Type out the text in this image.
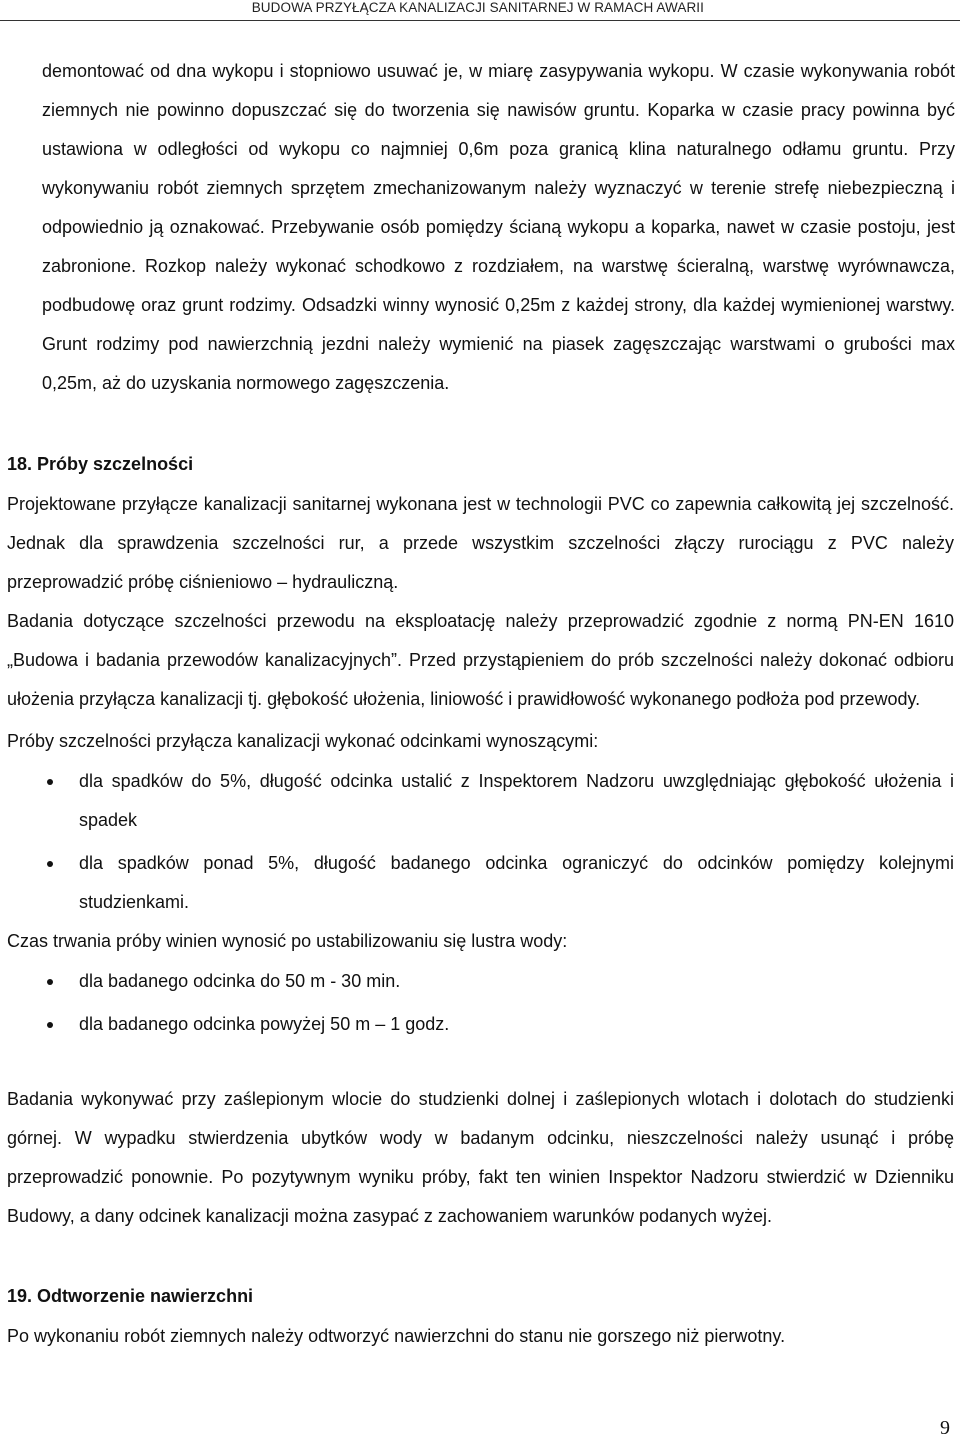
BUDOWA PRZYŁĄCZA KANALIZACJI SANITARNEJ W RAMACH AWARII
demontować od dna wykopu i stopniowo usuwać je, w miarę zasypywania wykopu. W czasie wykonywania robót ziemnych nie powinno dopuszczać się do tworzenia się nawisów gruntu. Koparka w czasie pracy powinna być ustawiona w odległości od wykopu co najmniej 0,6m poza granicą klina naturalnego odłamu gruntu. Przy wykonywaniu robót ziemnych sprzętem zmechanizowanym należy wyznaczyć w terenie strefę niebezpieczną i odpowiednio ją oznakować. Przebywanie osób pomiędzy ścianą wykopu a koparka, nawet w czasie postoju, jest zabronione. Rozkop należy wykonać schodkowo z rozdziałem, na warstwę ścieralną, warstwę wyrównawcza, podbudowę oraz grunt rodzimy. Odsadzki winny wynosić 0,25m z każdej strony, dla każdej wymienionej warstwy. Grunt rodzimy pod nawierzchnią jezdni należy wymienić na piasek zagęszczając warstwami o grubości max 0,25m, aż do uzyskania normowego zagęszczenia.
18. Próby szczelności
Projektowane przyłącze kanalizacji sanitarnej wykonana jest w technologii PVC co zapewnia całkowitą jej szczelność. Jednak dla sprawdzenia szczelności rur, a przede wszystkim szczelności złączy rurociągu z PVC należy przeprowadzić próbę ciśnieniowo – hydrauliczną.
Badania dotyczące szczelności przewodu na eksploatację należy przeprowadzić zgodnie z normą PN-EN 1610 „Budowa i badania przewodów kanalizacyjnych”. Przed przystąpieniem do prób szczelności należy dokonać odbioru ułożenia przyłącza kanalizacji tj. głębokość ułożenia, liniowość i prawidłowość wykonanego podłoża pod przewody.
Próby szczelności przyłącza kanalizacji wykonać odcinkami wynoszącymi:
dla spadków do 5%, długość odcinka ustalić z Inspektorem Nadzoru uwzględniając głębokość ułożenia i spadek
dla spadków ponad 5%, długość badanego odcinka ograniczyć do odcinków pomiędzy kolejnymi studzienkami.
Czas trwania próby winien wynosić po ustabilizowaniu się lustra wody:
dla badanego odcinka do 50 m - 30 min.
dla badanego odcinka powyżej 50 m – 1 godz.
Badania wykonywać przy zaślepionym wlocie do studzienki dolnej i zaślepionych wlotach i dolotach do studzienki górnej. W wypadku stwierdzenia ubytków wody w badanym odcinku, nieszczelności należy usunąć i próbę przeprowadzić ponownie. Po pozytywnym wyniku próby, fakt ten winien Inspektor Nadzoru stwierdzić w Dzienniku Budowy, a dany odcinek kanalizacji można zasypać z zachowaniem warunków podanych wyżej.
19. Odtworzenie nawierzchni
Po wykonaniu robót ziemnych należy odtworzyć nawierzchni do stanu nie gorszego niż pierwotny.
9
